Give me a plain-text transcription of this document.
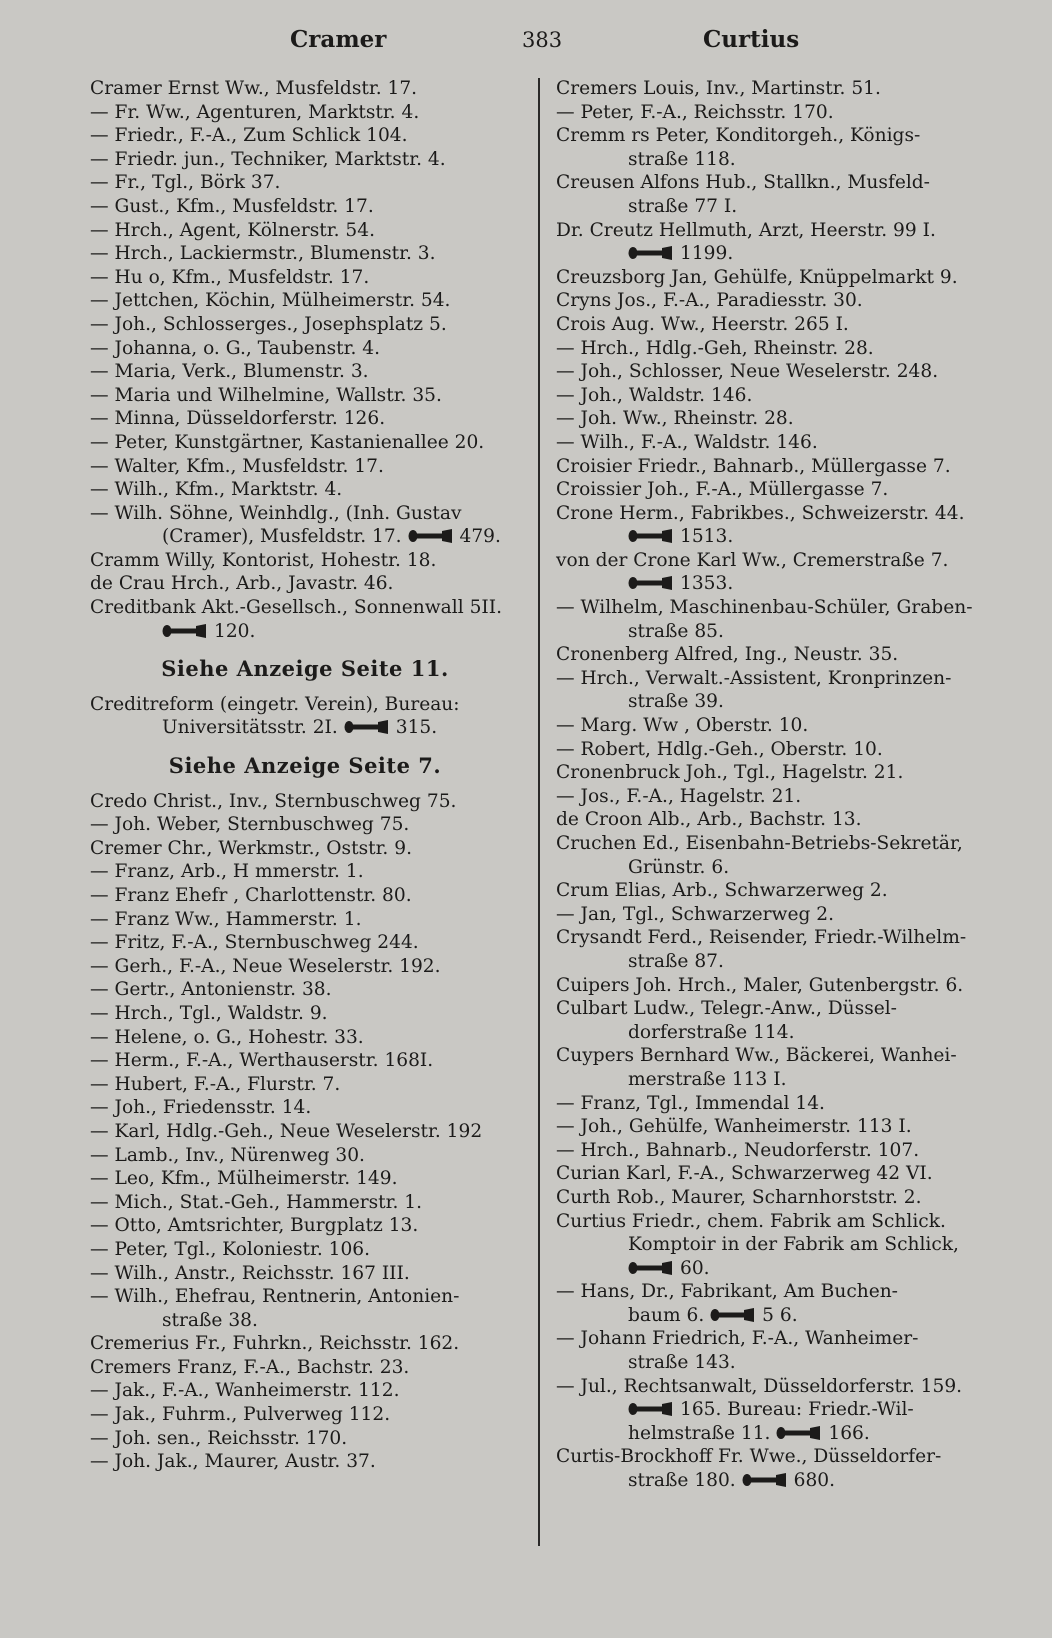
Cramer	383	Curtius
Cramer Ernst Ww., Musfeldstr. 17.
— Fr. Ww., Agenturen, Marktstr. 4.
— Friedr., F.-A., Zum Schlick 104.
— Friedr. jun., Techniker, Marktstr. 4.
— Fr., Tgl., Börk 37.
— Gust., Kfm., Musfeldstr. 17.
— Hrch., Agent, Kölnerstr. 54.
— Hrch., Lackiermstr., Blumenstr. 3.
— Hu o, Kfm., Musfeldstr. 17.
— Jettchen, Köchin, Mülheimerstr. 54.
— Joh., Schlosserges., Josephsplatz 5.
— Johanna, o. G., Taubenstr. 4.
— Maria, Verk., Blumenstr. 3.
— Maria und Wilhelmine, Wallstr. 35.
— Minna, Düsseldorferstr. 126.
— Peter, Kunstgärtner, Kastanienallee 20.
— Walter, Kfm., Musfeldstr. 17.
— Wilh., Kfm., Marktstr. 4.
— Wilh. Söhne, Weinhdlg., (Inh. Gustav
(Cramer), Musfeldstr. 17.	479.
Cramm Willy, Kontorist, Hohestr. 18.
de Crau Hrch., Arb., Javastr. 46.
Creditbank Akt.-Gesellsch., Sonnenwall 5II.
120.
Siehe Anzeige Seite 11.
Creditreform (eingetr. Verein), Bureau:
Universitätsstr. 2I.	315.
Siehe Anzeige Seite 7.
Credo Christ., Inv., Sternbuschweg 75.
— Joh. Weber, Sternbuschweg 75.
Cremer Chr., Werkmstr., Oststr. 9.
— Franz, Arb., H mmerstr. 1.
— Franz Ehefr , Charlottenstr. 80.
— Franz Ww., Hammerstr. 1.
— Fritz, F.-A., Sternbuschweg 244.
— Gerh., F.-A., Neue Weselerstr. 192.
— Gertr., Antonienstr. 38.
— Hrch., Tgl., Waldstr. 9.
— Helene, o. G., Hohestr. 33.
— Herm., F.-A., Werthauserstr. 168I.
— Hubert, F.-A., Flurstr. 7.
— Joh., Friedensstr. 14.
— Karl, Hdlg.-Geh., Neue Weselerstr. 192
— Lamb., Inv., Nürenweg 30.
— Leo, Kfm., Mülheimerstr. 149.
— Mich., Stat.-Geh., Hammerstr. 1.
— Otto, Amtsrichter, Burgplatz 13.
— Peter, Tgl., Koloniestr. 106.
— Wilh., Anstr., Reichsstr. 167 III.
— Wilh., Ehefrau, Rentnerin, Antonien-
straße 38.
Cremerius Fr., Fuhrkn., Reichsstr. 162.
Cremers Franz, F.-A., Bachstr. 23.
— Jak., F.-A., Wanheimerstr. 112.
— Jak., Fuhrm., Pulverweg 112.
— Joh. sen., Reichsstr. 170.
— Joh. Jak., Maurer, Austr. 37.
Cremers Louis, Inv., Martinstr. 51.
— Peter, F.-A., Reichsstr. 170.
Cremm rs Peter, Konditorgeh., Königs-
straße 118.
Creusen Alfons Hub., Stallkn., Musfeld-
straße 77 I.
Dr. Creutz Hellmuth, Arzt, Heerstr. 99 I.
1199.
Creuzsborg Jan, Gehülfe, Knüppelmarkt 9.
Cryns Jos., F.-A., Paradiesstr. 30.
Crois Aug. Ww., Heerstr. 265 I.
— Hrch., Hdlg.-Geh, Rheinstr. 28.
— Joh., Schlosser, Neue Weselerstr. 248.
— Joh., Waldstr. 146.
— Joh. Ww., Rheinstr. 28.
— Wilh., F.-A., Waldstr. 146.
Croisier Friedr., Bahnarb., Müllergasse 7.
Croissier Joh., F.-A., Müllergasse 7.
Crone Herm., Fabrikbes., Schweizerstr. 44.
1513.
von der Crone Karl Ww., Cremerstraße 7.
1353.
— Wilhelm, Maschinenbau-Schüler, Graben-
straße 85.
Cronenberg Alfred, Ing., Neustr. 35.
— Hrch., Verwalt.-Assistent, Kronprinzen-
straße 39.
— Marg. Ww , Oberstr. 10.
— Robert, Hdlg.-Geh., Oberstr. 10.
Cronenbruck Joh., Tgl., Hagelstr. 21.
— Jos., F.-A., Hagelstr. 21.
de Croon Alb., Arb., Bachstr. 13.
Cruchen Ed., Eisenbahn-Betriebs-Sekretär,
Grünstr. 6.
Crum Elias, Arb., Schwarzerweg 2.
— Jan, Tgl., Schwarzerweg 2.
Crysandt Ferd., Reisender, Friedr.-Wilhelm-
straße 87.
Cuipers Joh. Hrch., Maler, Gutenbergstr. 6.
Culbart Ludw., Telegr.-Anw., Düssel-
dorferstraße 114.
Cuypers Bernhard Ww., Bäckerei, Wanhei-
merstraße 113 I.
— Franz, Tgl., Immendal 14.
— Joh., Gehülfe, Wanheimerstr. 113 I.
— Hrch., Bahnarb., Neudorferstr. 107.
Curian Karl, F.-A., Schwarzerweg 42 VI.
Curth Rob., Maurer, Scharnhorststr. 2.
Curtius Friedr., chem. Fabrik am Schlick.
Komptoir in der Fabrik am Schlick,
60.
— Hans, Dr., Fabrikant, Am Buchen-
baum 6.	5 6.
— Johann Friedrich, F.-A., Wanheimer-
straße 143.
— Jul., Rechtsanwalt, Düsseldorferstr. 159.
165. Bureau: Friedr.-Wil-
helmstraße 11.	166.
Curtis-Brockhoff Fr. Wwe., Düsseldorfer-
straße 180.	680.
